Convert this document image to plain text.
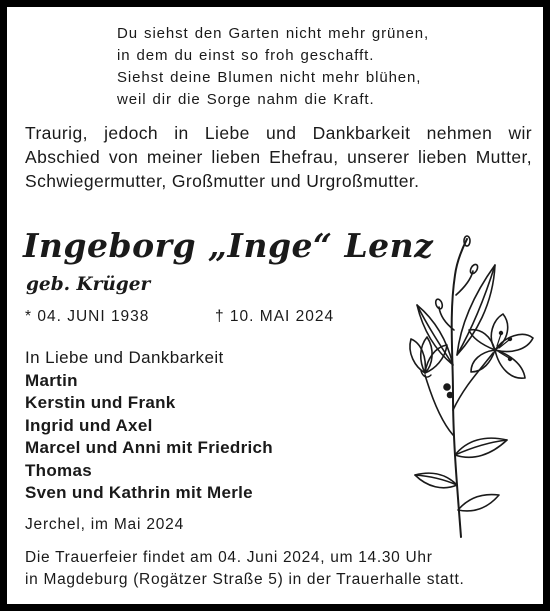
Du siehst den Garten nicht mehr grünen,
in dem du einst so froh geschafft.
Siehst deine Blumen nicht mehr blühen,
weil dir die Sorge nahm die Kraft.
Traurig, jedoch in Liebe und Dankbarkeit nehmen wir Abschied von meiner lieben Ehefrau, unserer lieben Mutter, Schwiegermutter, Großmutter und Urgroßmutter.
Ingeborg „Inge“ Lenz
geb. Krüger
* 04. JUNI 1938	† 10. MAI 2024
In Liebe und Dankbarkeit
Martin
Kerstin und Frank
Ingrid und Axel
Marcel und Anni mit Friedrich
Thomas
Sven und Kathrin mit Merle
Jerchel, im Mai 2024
Die Trauerfeier findet am 04. Juni 2024, um 14.30 Uhr
in Magdeburg (Rogätzer Straße 5) in der Trauerhalle statt.
